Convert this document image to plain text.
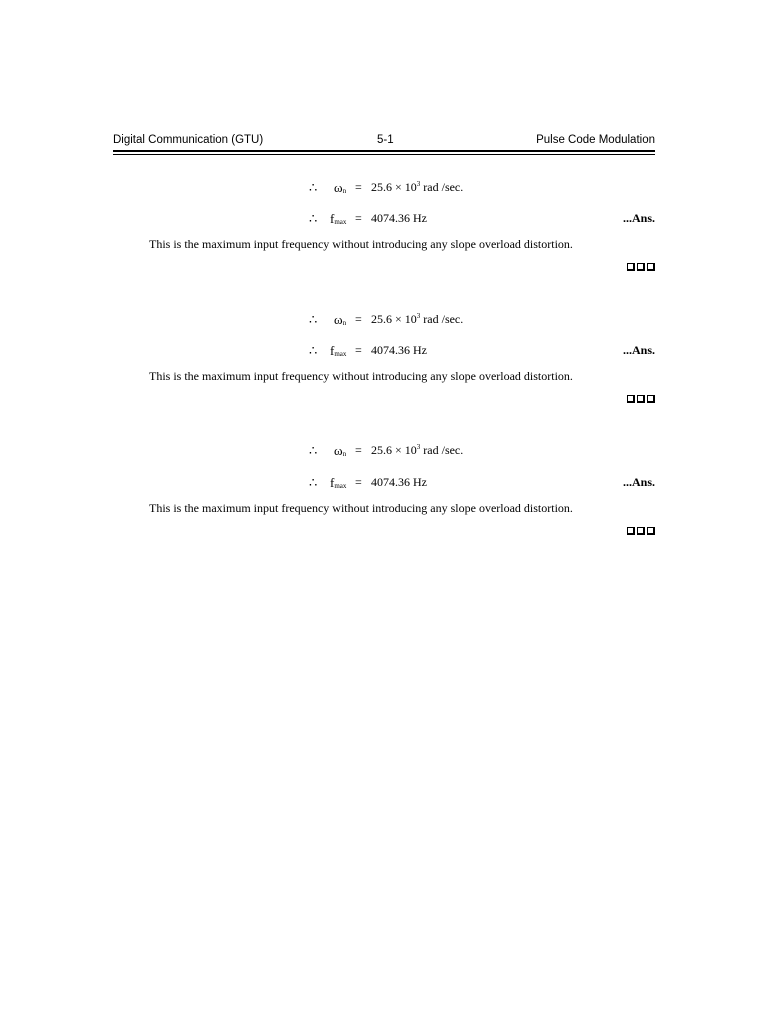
Digital Communication (GTU)	5-1	Pulse Code Modulation
∴ $\omega_n = 25.6 \times 10^3$ rad /sec.
∴ $f_{max} = 4074.36$ Hz	...Ans.
This is the maximum input frequency without introducing any slope overload distortion.
∴ $\omega_n = 25.6 \times 10^3$ rad /sec.
∴ $f_{max} = 4074.36$ Hz	...Ans.
This is the maximum input frequency without introducing any slope overload distortion.
∴ $\omega_n = 25.6 \times 10^3$ rad /sec.
∴ $f_{max} = 4074.36$ Hz	...Ans.
This is the maximum input frequency without introducing any slope overload distortion.
